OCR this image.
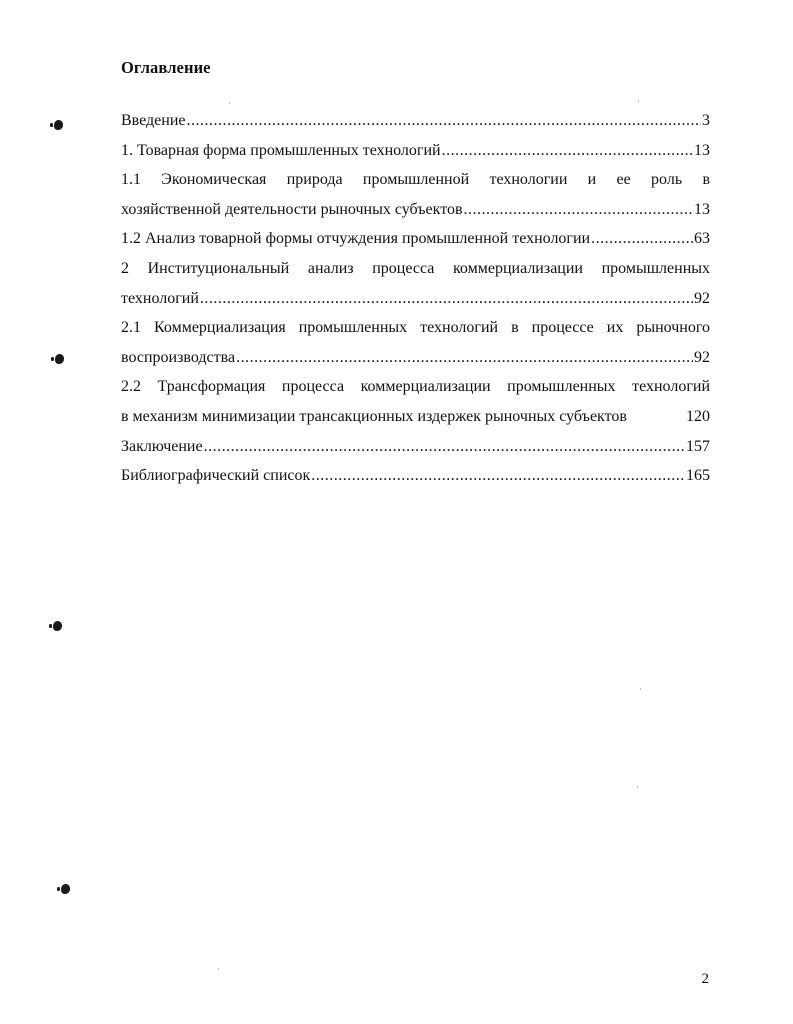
Оглавление
Введение .....	3
1. Товарная форма промышленных технологий .....	13
1.1 Экономическая природа промышленной технологии и ее роль в
хозяйственной деятельности рыночных субъектов .....	13
1.2 Анализ товарной формы отчуждения промышленной технологии .....	63
2 Институциональный анализ процесса коммерциализации промышленных
технологий .....	92
2.1 Коммерциализация промышленных технологий в процессе их рыночного
воспроизводства .....	92
2.2 Трансформация процесса коммерциализации промышленных технологий
в механизм минимизации трансакционных издержек рыночных субъектов	120
Заключение .....	157
Библиографический список .....	165
2
